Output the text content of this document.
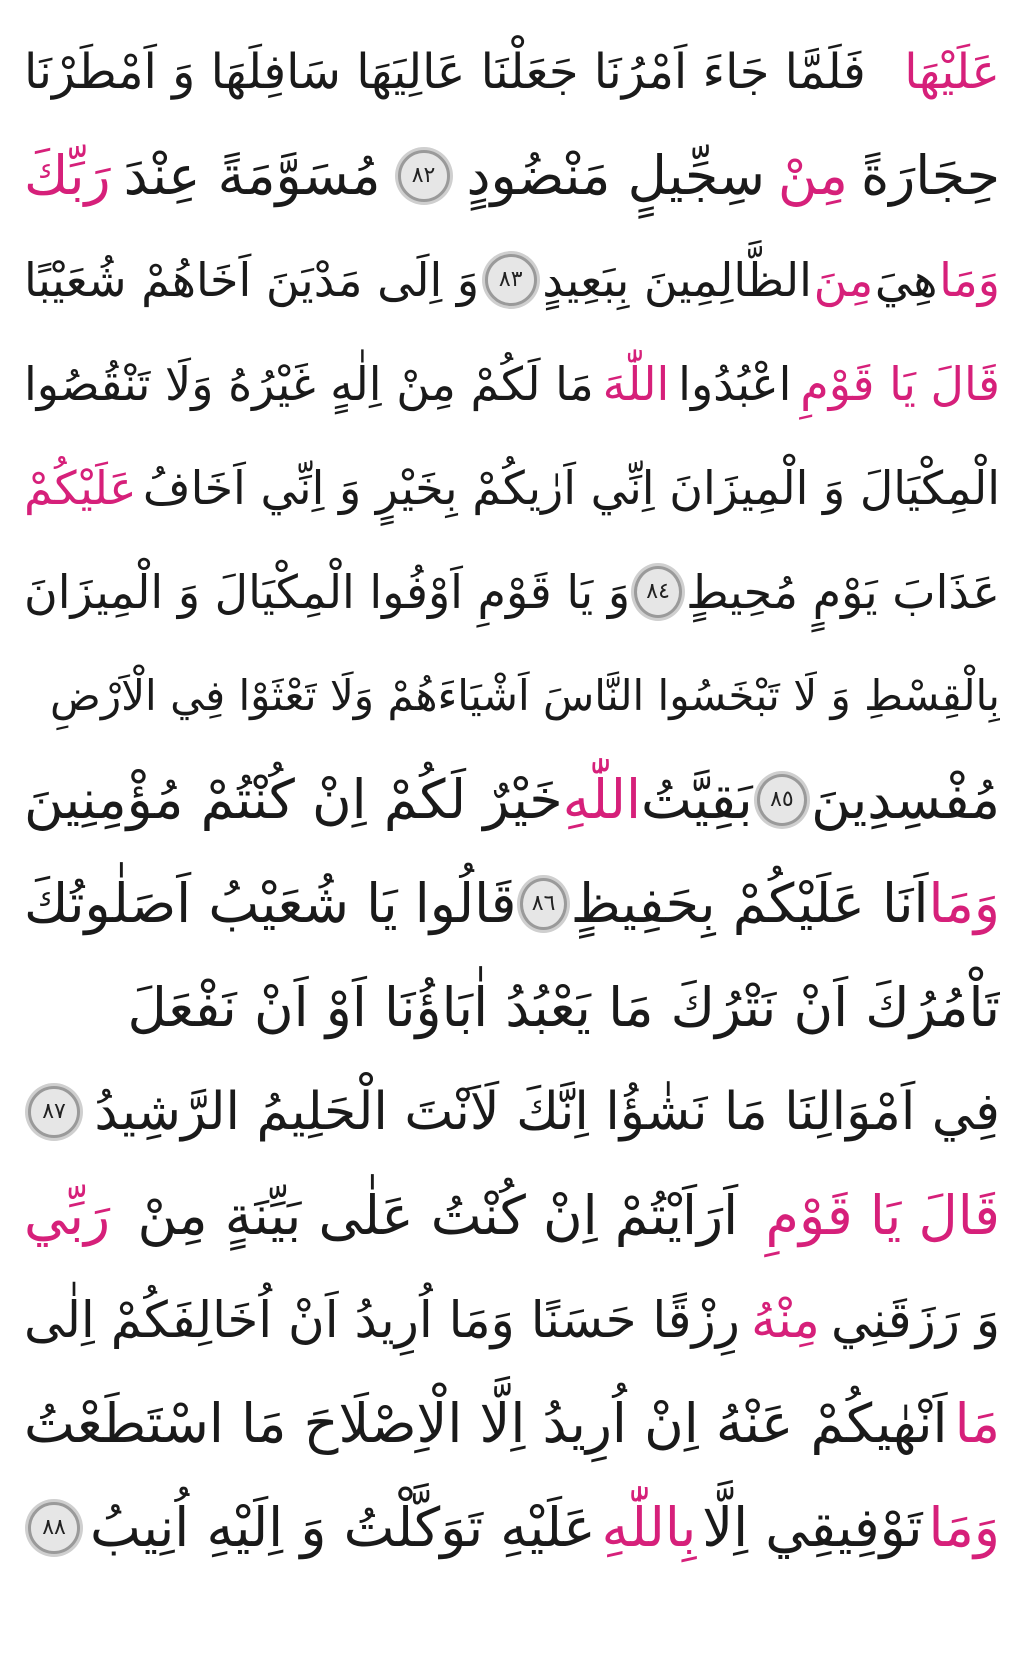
عَلَيْهَا
فَلَمَّا جَاءَ اَمْرُنَا جَعَلْنَا عَالِيَهَا سَافِلَهَا وَ اَمْطَرْنَا
حِجَارَةً
مِنْ
سِجِّيلٍ مَنْضُودٍ
٨٢
مُسَوَّمَةً عِنْدَ
رَبِّكَ
وَمَا
هِيَ
مِنَ
الظَّالِمِينَ بِبَعِيدٍ
٨٣
وَ اِلَى مَدْيَنَ اَخَاهُمْ شُعَيْبًا
قَالَ يَا قَوْمِ
اعْبُدُوا
اللّٰهَ
مَا لَكُمْ مِنْ اِلٰهٍ غَيْرُهُ وَلَا تَنْقُصُوا
الْمِكْيَالَ وَ الْمِيزَانَ اِنِّي اَرٰيكُمْ بِخَيْرٍ وَ اِنِّي اَخَافُ
عَلَيْكُمْ
عَذَابَ يَوْمٍ مُحِيطٍ
٨٤
وَ يَا قَوْمِ اَوْفُوا الْمِكْيَالَ وَ الْمِيزَانَ
بِالْقِسْطِ وَ لَا تَبْخَسُوا النَّاسَ اَشْيَاءَهُمْ وَلَا تَعْثَوْا فِي الْاَرْضِ
مُفْسِدِينَ
٨٥
بَقِيَّتُ
اللّٰهِ
خَيْرٌ لَكُمْ اِنْ كُنْتُمْ مُؤْمِنِينَ
وَمَا
اَنَا عَلَيْكُمْ بِحَفِيظٍ
٨٦
قَالُوا يَا شُعَيْبُ اَصَلٰوتُكَ
تَاْمُرُكَ اَنْ نَتْرُكَ مَا يَعْبُدُ اٰبَاؤُنَا اَوْ اَنْ نَفْعَلَ
فِي اَمْوَالِنَا مَا نَشٰؤُا اِنَّكَ لَاَنْتَ الْحَلِيمُ الرَّشِيدُ
٨٧
قَالَ يَا قَوْمِ
اَرَاَيْتُمْ اِنْ كُنْتُ عَلٰى بَيِّنَةٍ مِنْ
رَبِّي
وَ رَزَقَنِي
مِنْهُ
رِزْقًا حَسَنًا وَمَا اُرِيدُ اَنْ اُخَالِفَكُمْ اِلٰى
مَا
اَنْهٰيكُمْ عَنْهُ اِنْ اُرِيدُ اِلَّا الْاِصْلَاحَ مَا اسْتَطَعْتُ
وَمَا
تَوْفِيقِي اِلَّا
بِاللّٰهِ
عَلَيْهِ تَوَكَّلْتُ وَ اِلَيْهِ اُنِيبُ
٨٨
